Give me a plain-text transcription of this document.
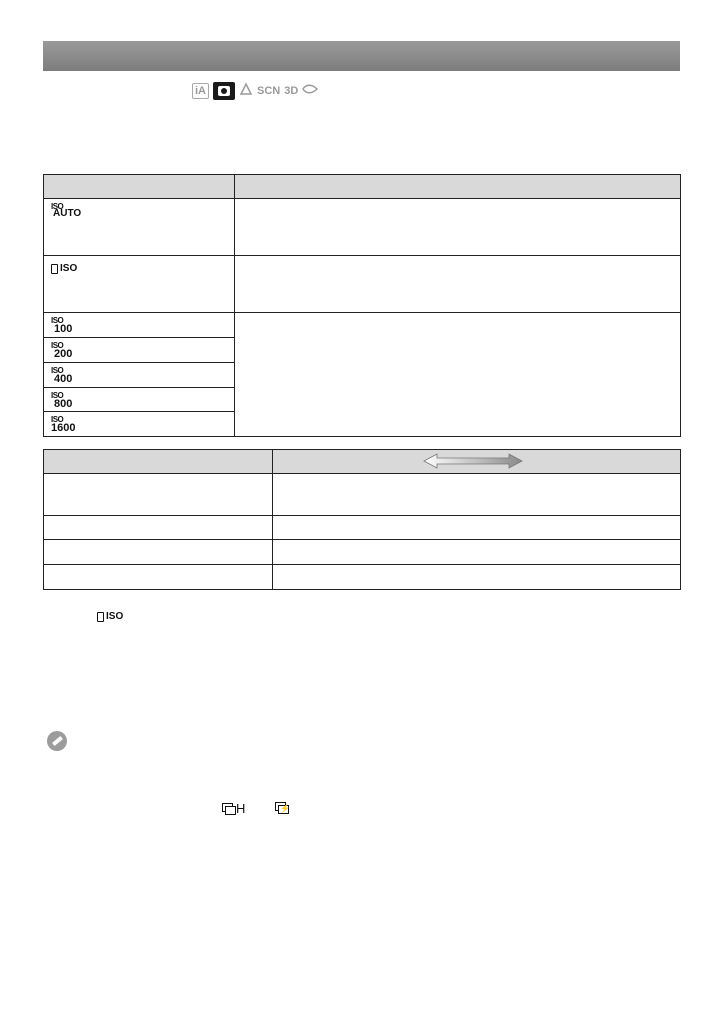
iA	SCN 3D

ISO
AUTO	

ISO	

ISO
100	

ISO
200	

ISO
400	

ISO
800	

ISO
1600	

ISO
H	⚡
